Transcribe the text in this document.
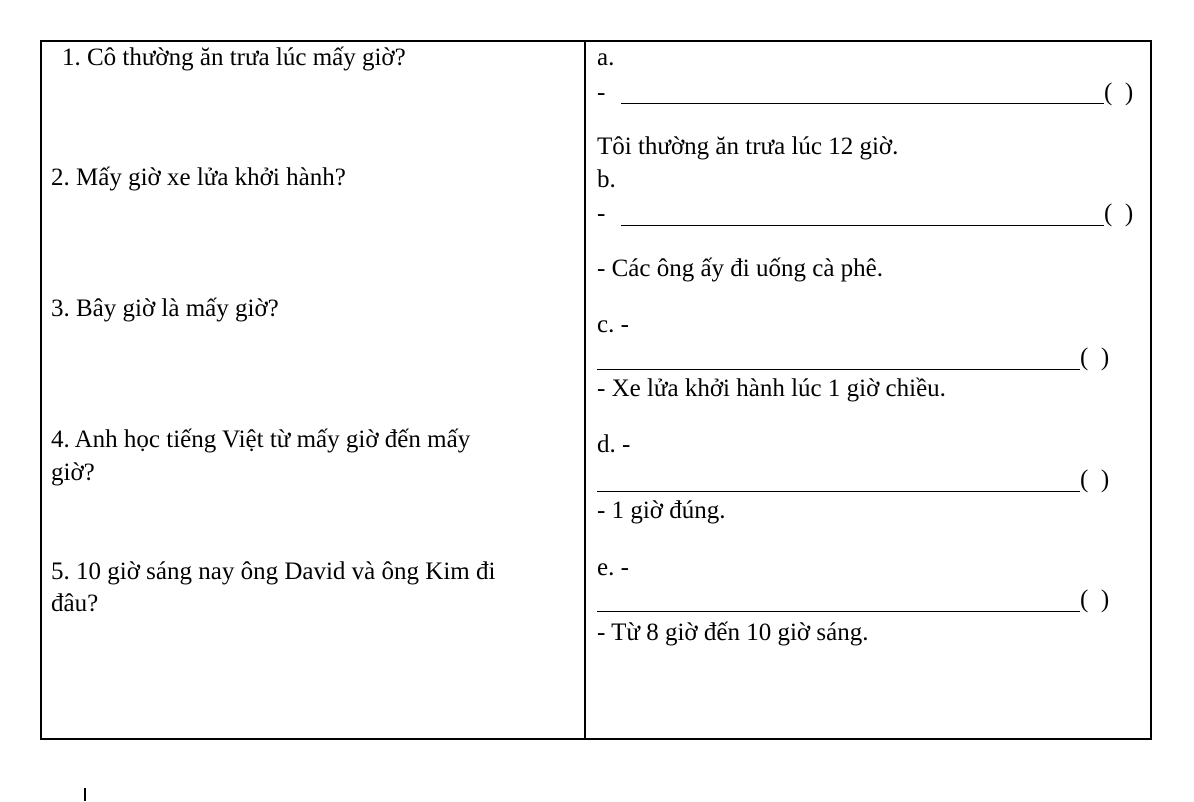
1. Cô thường ăn trưa lúc mấy giờ?
2. Mấy giờ xe lửa khởi hành?
3. Bây giờ là mấy giờ?
4. Anh học tiếng Việt từ mấy giờ đến mấy
giờ?
5. 10 giờ sáng nay ông David và ông Kim đi
đâu?
a.
-	(  )
Tôi thường ăn trưa lúc 12 giờ.
b.
-	(  )
- Các ông ấy đi uống cà phê.
c. -
(  )
- Xe lửa khởi hành lúc 1 giờ chiều.
d. -
(  )
- 1 giờ đúng.
e. -
(  )
- Từ 8 giờ đến 10 giờ sáng.
